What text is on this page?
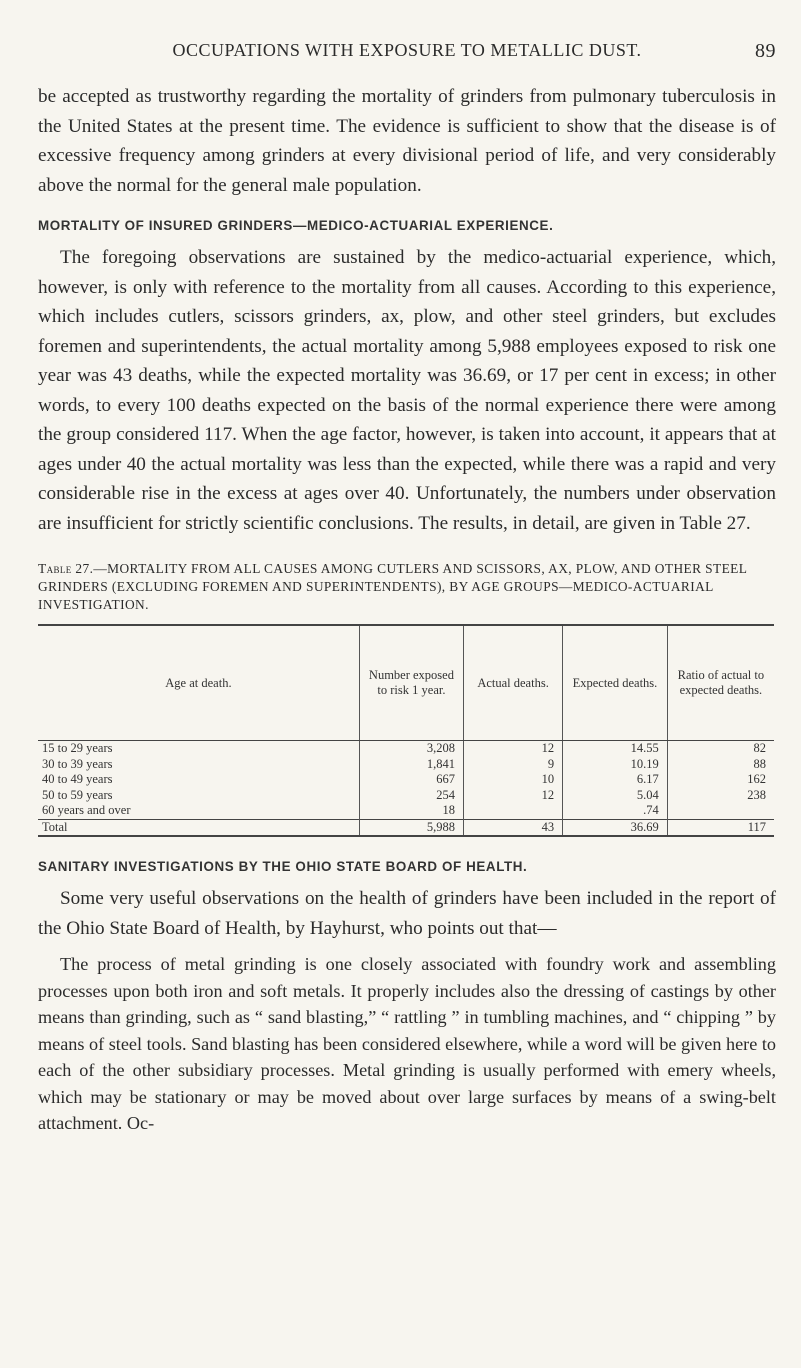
OCCUPATIONS WITH EXPOSURE TO METALLIC DUST.	89

be accepted as trustworthy regarding the mortality of grinders from pulmonary tuberculosis in the United States at the present time. The evidence is sufficient to show that the disease is of excessive frequency among grinders at every divisional period of life, and very considerably above the normal for the general male population.

MORTALITY OF INSURED GRINDERS—MEDICO-ACTUARIAL EXPERIENCE.

The foregoing observations are sustained by the medico-actuarial experience, which, however, is only with reference to the mortality from all causes. According to this experience, which includes cutlers, scissors grinders, ax, plow, and other steel grinders, but excludes foremen and superintendents, the actual mortality among 5,988 employees exposed to risk one year was 43 deaths, while the expected mortality was 36.69, or 17 per cent in excess; in other words, to every 100 deaths expected on the basis of the normal experience there were among the group considered 117. When the age factor, however, is taken into account, it appears that at ages under 40 the actual mortality was less than the expected, while there was a rapid and very considerable rise in the excess at ages over 40. Unfortunately, the numbers under observation are insufficient for strictly scientific conclusions. The results, in detail, are given in Table 27.

Table 27.—MORTALITY FROM ALL CAUSES AMONG CUTLERS AND SCISSORS, AX, PLOW, AND OTHER STEEL GRINDERS (EXCLUDING FOREMEN AND SUPERINTENDENTS), BY AGE GROUPS—MEDICO-ACTUARIAL INVESTIGATION.

Age at death.	Number exposed to risk 1 year.	Actual deaths.	Expected deaths.	Ratio of actual to expected deaths.
15 to 29 years	3,208	12	14.55	82
30 to 39 years	1,841	9	10.19	88
40 to 49 years	667	10	6.17	162
50 to 59 years	254	12	5.04	238
60 years and over	18		.74	
Total	5,988	43	36.69	117
SANITARY INVESTIGATIONS BY THE OHIO STATE BOARD OF HEALTH.

Some very useful observations on the health of grinders have been included in the report of the Ohio State Board of Health, by Hayhurst, who points out that—

The process of metal grinding is one closely associated with foundry work and assembling processes upon both iron and soft metals. It properly includes also the dressing of castings by other means than grinding, such as “ sand blasting,” “ rattling ” in tumbling machines, and “ chipping ” by means of steel tools. Sand blasting has been considered elsewhere, while a word will be given here to each of the other subsidiary processes. Metal grinding is usually performed with emery wheels, which may be stationary or may be moved about over large surfaces by means of a swing-belt attachment. Oc-
